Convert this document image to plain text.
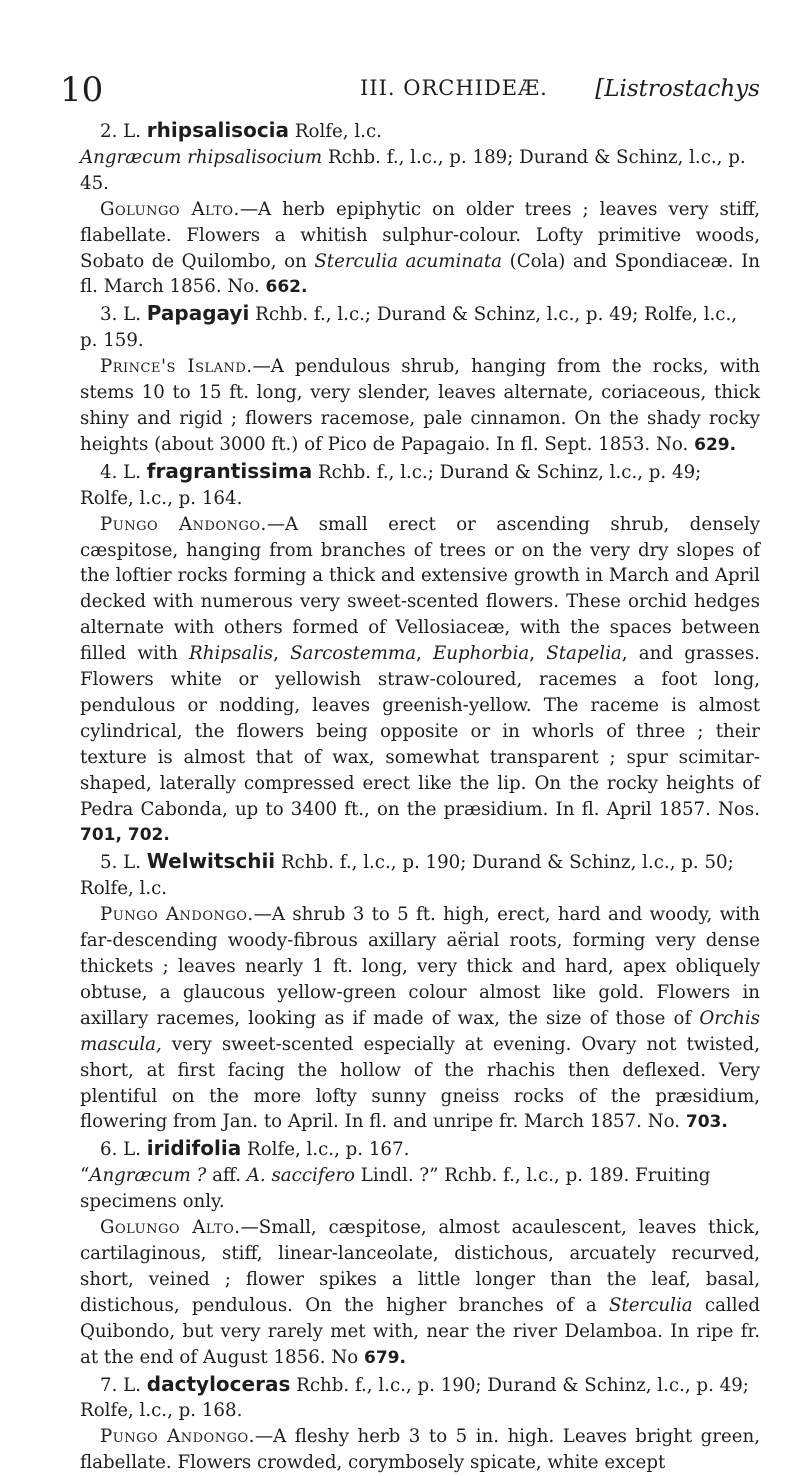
10	III. ORCHIDEÆ. [Listrostachys

2. L. rhipsalisocia Rolfe, l.c.

Angræcum rhipsalisocium Rchb. f., l.c., p. 189; Durand & Schinz, l.c., p. 45.

Golungo Alto.—A herb epiphytic on older trees ; leaves very stiff, flabellate. Flowers a whitish sulphur-colour. Lofty primitive woods, Sobato de Quilombo, on Sterculia acuminata (Cola) and Spondiaceæ. In fl. March 1856. No. 662.

3. L. Papagayi Rchb. f., l.c.; Durand & Schinz, l.c., p. 49; Rolfe, l.c., p. 159.

Prince's Island.—A pendulous shrub, hanging from the rocks, with stems 10 to 15 ft. long, very slender, leaves alternate, coriaceous, thick shiny and rigid ; flowers racemose, pale cinnamon. On the shady rocky heights (about 3000 ft.) of Pico de Papagaio. In fl. Sept. 1853. No. 629.

4. L. fragrantissima Rchb. f., l.c.; Durand & Schinz, l.c., p. 49; Rolfe, l.c., p. 164.

Pungo Andongo.—A small erect or ascending shrub, densely cæspitose, hanging from branches of trees or on the very dry slopes of the loftier rocks forming a thick and extensive growth in March and April decked with numerous very sweet-scented flowers. These orchid hedges alternate with others formed of Vellosiaceæ, with the spaces between filled with Rhipsalis, Sarcostemma, Euphorbia, Stapelia, and grasses. Flowers white or yellowish straw-coloured, racemes a foot long, pendulous or nodding, leaves greenish-yellow. The raceme is almost cylindrical, the flowers being opposite or in whorls of three ; their texture is almost that of wax, somewhat transparent ; spur scimitar-shaped, laterally compressed erect like the lip. On the rocky heights of Pedra Cabonda, up to 3400 ft., on the præsidium. In fl. April 1857. Nos. 701, 702.

5. L. Welwitschii Rchb. f., l.c., p. 190; Durand & Schinz, l.c., p. 50; Rolfe, l.c.

Pungo Andongo.—A shrub 3 to 5 ft. high, erect, hard and woody, with far-descending woody-fibrous axillary aërial roots, forming very dense thickets ; leaves nearly 1 ft. long, very thick and hard, apex obliquely obtuse, a glaucous yellow-green colour almost like gold. Flowers in axillary racemes, looking as if made of wax, the size of those of Orchis mascula, very sweet-scented especially at evening. Ovary not twisted, short, at first facing the hollow of the rhachis then deflexed. Very plentiful on the more lofty sunny gneiss rocks of the præsidium, flowering from Jan. to April. In fl. and unripe fr. March 1857. No. 703.

6. L. iridifolia Rolfe, l.c., p. 167.

“Angræcum ? aff. A. saccifero Lindl. ?” Rchb. f., l.c., p. 189. Fruiting specimens only.

Golungo Alto.—Small, cæspitose, almost acaulescent, leaves thick, cartilaginous, stiff, linear-lanceolate, distichous, arcuately recurved, short, veined ; flower spikes a little longer than the leaf, basal, distichous, pendulous. On the higher branches of a Sterculia called Quibondo, but very rarely met with, near the river Delamboa. In ripe fr. at the end of August 1856. No 679.

7. L. dactyloceras Rchb. f., l.c., p. 190; Durand & Schinz, l.c., p. 49; Rolfe, l.c., p. 168.

Pungo Andongo.—A fleshy herb 3 to 5 in. high. Leaves bright green, flabellate. Flowers crowded, corymbosely spicate, white except
